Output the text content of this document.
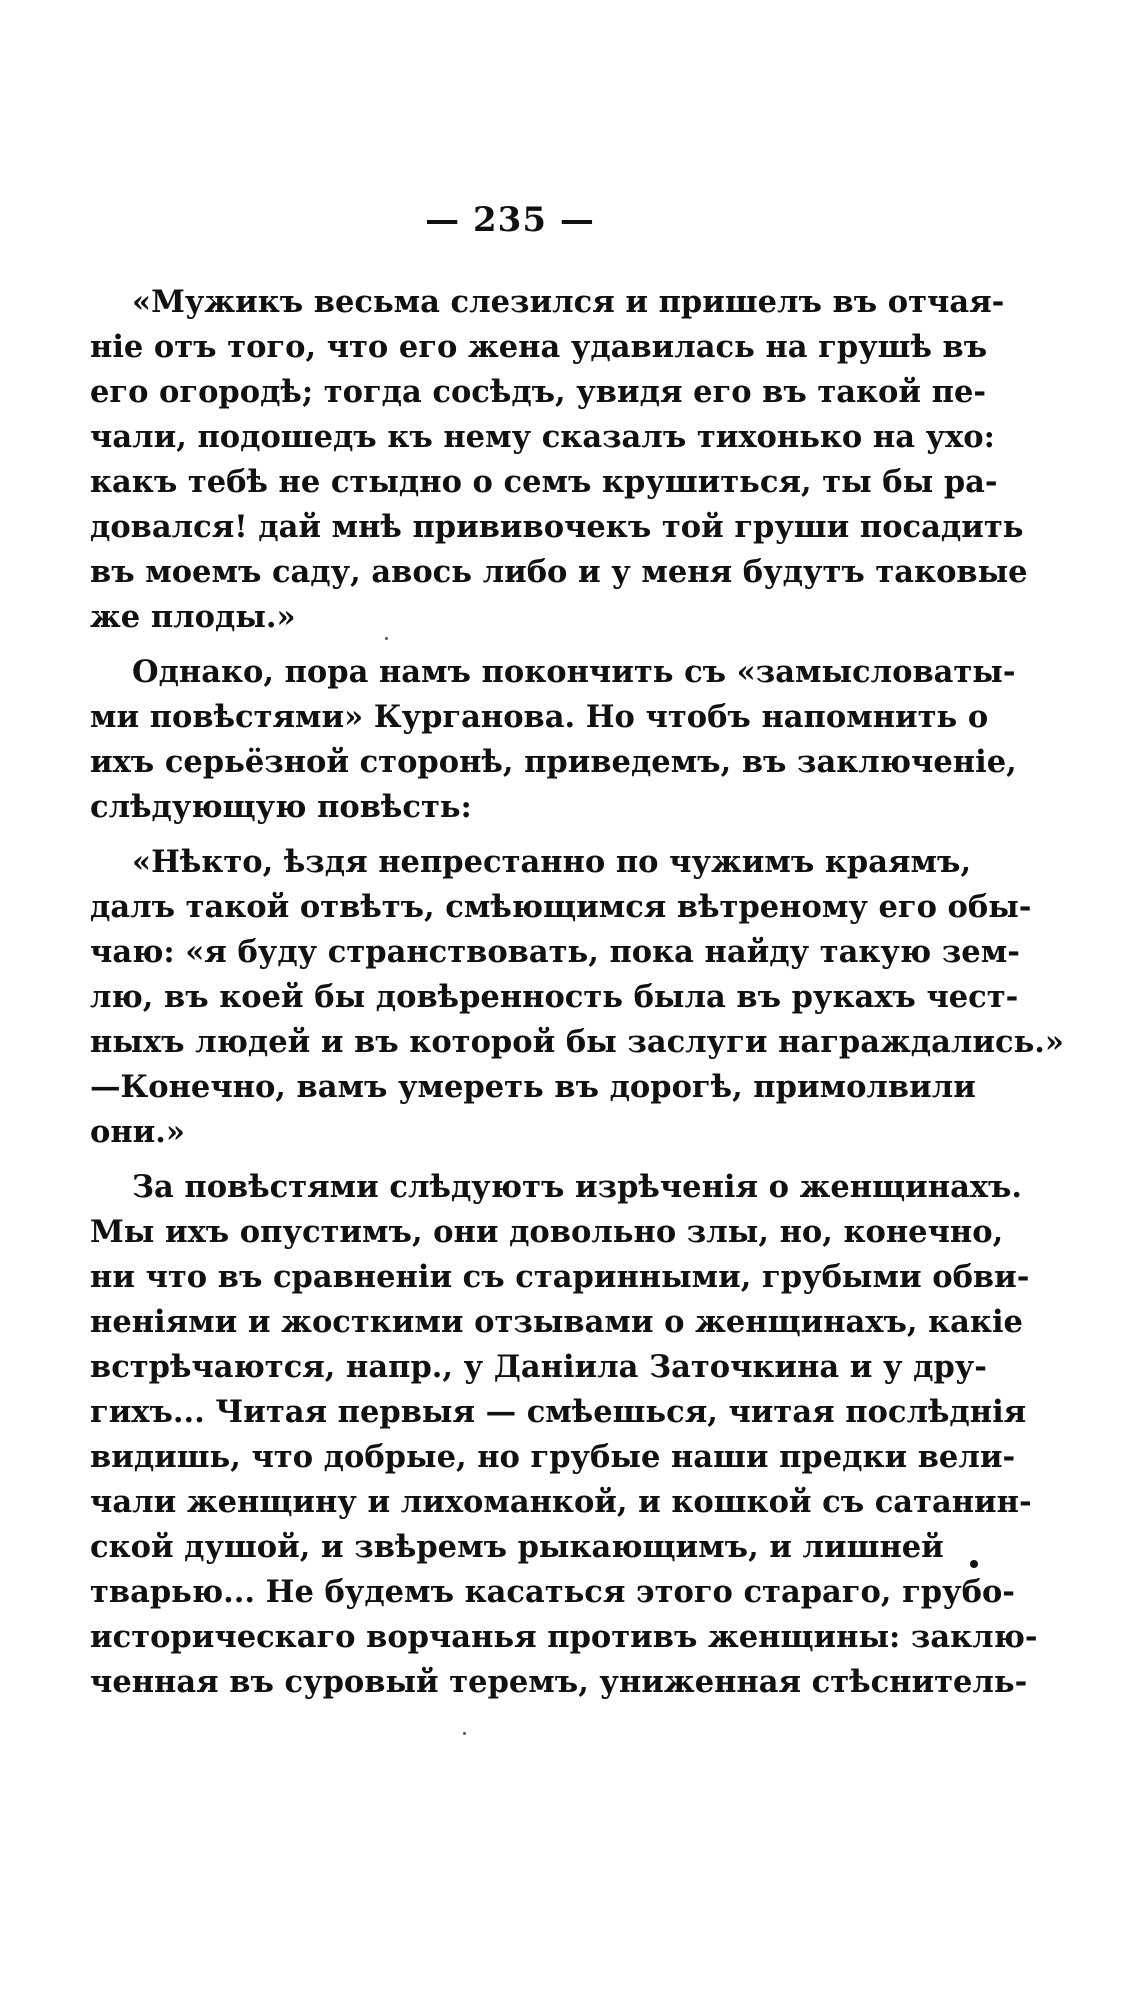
— 235 —
«Мужикъ весьма слезился и пришелъ въ отчая-
ніе отъ того, что его жена удавилась на грушѣ въ
его огородѣ; тогда сосѣдъ, увидя его въ такой пе-
чали, подошедъ къ нему сказалъ тихонько на ухо:
какъ тебѣ не стыдно о семъ крушиться, ты бы ра-
довался! дай мнѣ прививочекъ той груши посадить
въ моемъ саду, авось либо и у меня будутъ таковые
же плоды.»
Однако, пора намъ покончить съ «замысловаты-
ми повѣстями» Курганова. Но чтобъ напомнить о
ихъ серьёзной сторонѣ, приведемъ, въ заключеніе,
слѣдующую повѣсть:
«Нѣкто, ѣздя непрестанно по чужимъ краямъ,
далъ такой отвѣтъ, смѣющимся вѣтреному его обы-
чаю: «я буду странствовать, пока найду такую зем-
лю, въ коей бы довѣренность была въ рукахъ чест-
ныхъ людей и въ которой бы заслуги награждались.»
—Конечно, вамъ умереть въ дорогѣ, примолвили
они.»
За повѣстями слѣдуютъ изрѣченія о женщинахъ.
Мы ихъ опустимъ, они довольно злы, но, конечно,
ни что въ сравненіи съ старинными, грубыми обви-
неніями и жосткими отзывами о женщинахъ, какіе
встрѣчаются, напр., у Даніила Заточкина и у дру-
гихъ... Читая первыя — смѣешься, читая послѣднія
видишь, что добрые, но грубые наши предки вели-
чали женщину и лихоманкой, и кошкой съ сатанин-
ской душой, и звѣремъ рыкающимъ, и лишней
тварью... Не будемъ касаться этого стараго, грубо-
историческаго ворчанья противъ женщины: заклю-
ченная въ суровый теремъ, униженная стѣснитель-
